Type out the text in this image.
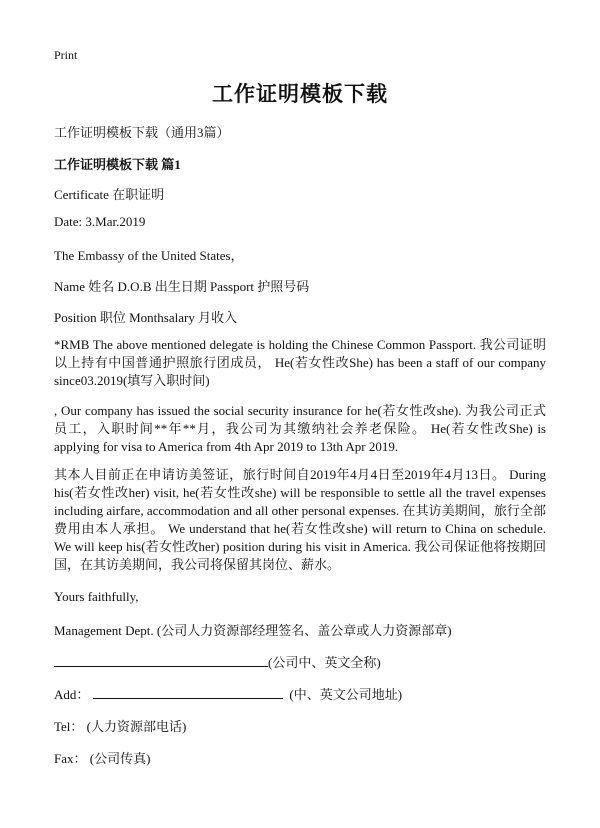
Print
工作证明模板下载
工作证明模板下载（通用3篇）
工作证明模板下载 篇1
Certificate 在职证明
Date: 3.Mar.2019
The Embassy of the United States，
Name 姓名 D.O.B 出生日期 Passport 护照号码
Position 职位 Monthsalary 月收入
*RMB The above mentioned delegate is holding the Chinese Common Passport. 我公司证明以上持有中国普通护照旅行团成员， He(若女性改She) has been a staff of our company since03.2019(填写入职时间)
, Our company has issued the social security insurance for he(若女性改she). 为我公司正式员工，入职时间**年**月，我公司为其缴纳社会养老保险。 He(若女性改She) is applying for visa to America from 4th Apr 2019 to 13th Apr 2019.
其本人目前正在申请访美签证，旅行时间自2019年4月4日至2019年4月13日。 During his(若女性改her) visit, he(若女性改she) will be responsible to settle all the travel expenses including airfare, accommodation and all other personal expenses. 在其访美期间，旅行全部费用由本人承担。 We understand that he(若女性改she) will return to China on schedule. We will keep his(若女性改her) position during his visit in America. 我公司保证他将按期回国，在其访美期间，我公司将保留其岗位、薪水。
Yours faithfully,
Management Dept. (公司人力资源部经理签名、盖公章或人力资源部章)
(公司中、英文全称)
Add：	(中、英文公司地址)
Tel： (人力资源部电话)
Fax： (公司传真)
